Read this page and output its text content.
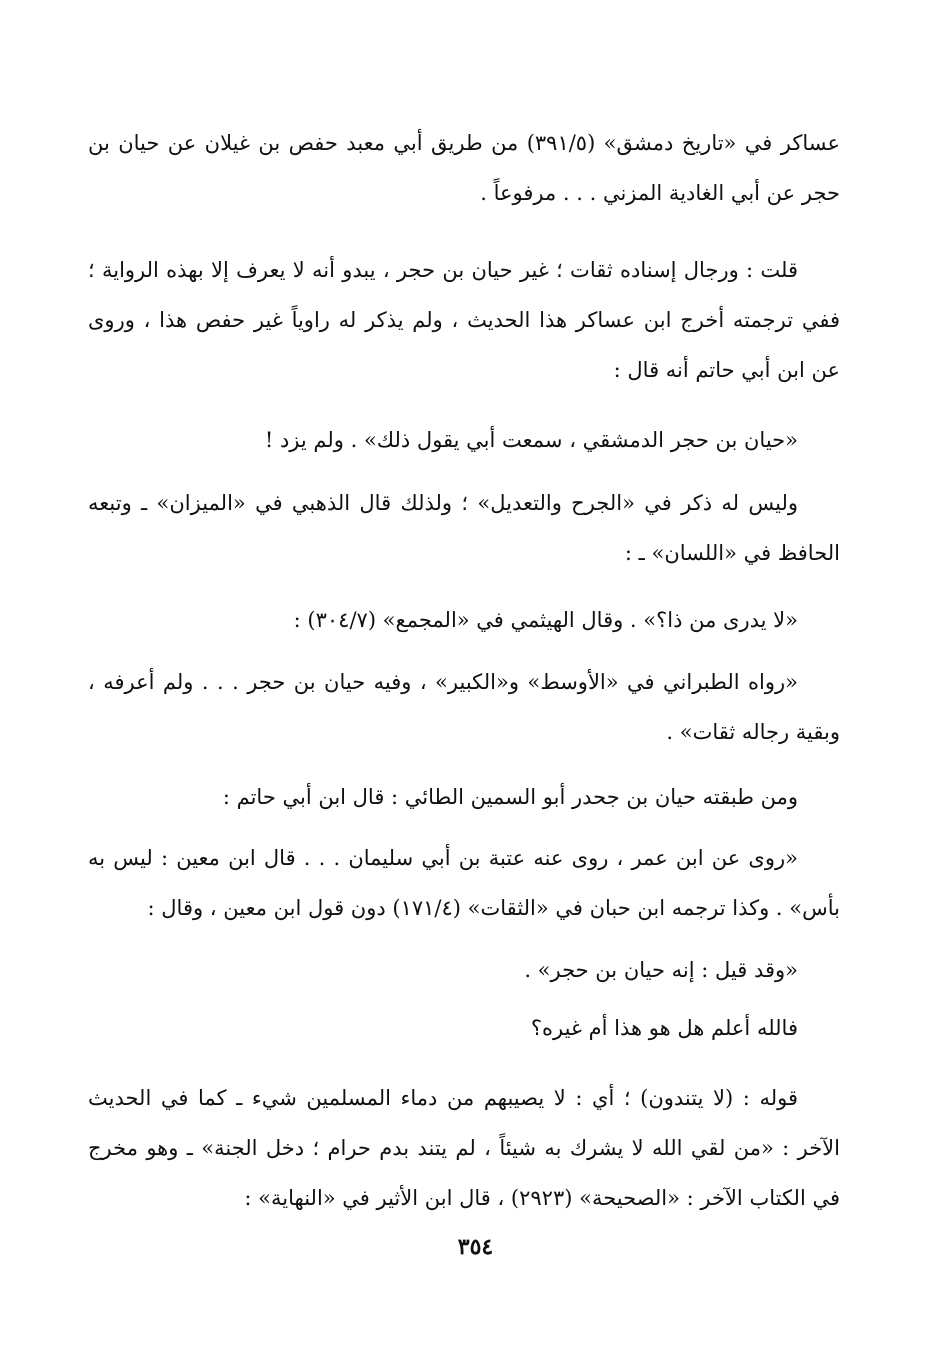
عساكر في «تاريخ دمشق» (٣٩١/٥) من طريق أبي معبد حفص بن غيلان عن حيان بن حجر عن أبي الغادية المزني . . . مرفوعاً .

قلت : ورجال إسناده ثقات ؛ غير حيان بن حجر ، يبدو أنه لا يعرف إلا بهذه الرواية ؛ ففي ترجمته أخرج ابن عساكر هذا الحديث ، ولم يذكر له راوياً غير حفص هذا ، وروى عن ابن أبي حاتم أنه قال :

«حيان بن حجر الدمشقي ، سمعت أبي يقول ذلك» . ولم يزد !

وليس له ذكر في «الجرح والتعديل» ؛ ولذلك قال الذهبي في «الميزان» ـ وتبعه الحافظ في «اللسان» ـ :

«لا يدرى من ذا؟» . وقال الهيثمي في «المجمع» (٣٠٤/٧) :

«رواه الطبراني في «الأوسط» و«الكبير» ، وفيه حيان بن حجر . . . ولم أعرفه ، وبقية رجاله ثقات» .

ومن طبقته حيان بن جحدر أبو السمين الطائي : قال ابن أبي حاتم :

«روى عن ابن عمر ، روى عنه عتبة بن أبي سليمان . . . قال ابن معين : ليس به بأس» . وكذا ترجمه ابن حبان في «الثقات» (١٧١/٤) دون قول ابن معين ، وقال :

«وقد قيل : إنه حيان بن حجر» .

فالله أعلم هل هو هذا أم غيره؟

قوله : (لا يتندون) ؛ أي : لا يصيبهم من دماء المسلمين شيء ـ كما في الحديث الآخر : «من لقي الله لا يشرك به شيئاً ، لم يتند بدم حرام ؛ دخل الجنة» ـ وهو مخرج في الكتاب الآخر : «الصحيحة» (٢٩٢٣) ، قال ابن الأثير في «النهاية» :

٣٥٤
